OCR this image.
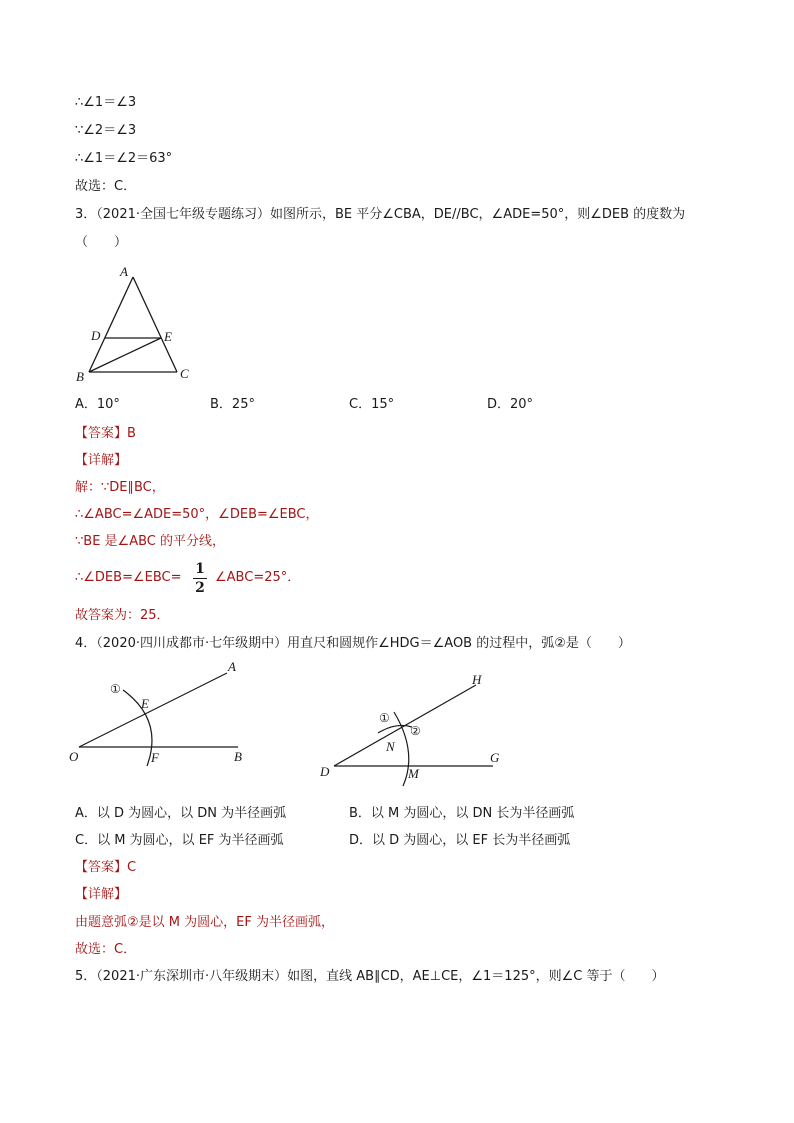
∴∠1＝∠3
∵∠2＝∠3
∴∠1＝∠2＝63°
故选：C．
3．（2021·全国七年级专题练习）如图所示，BE 平分∠CBA，DE//BC，∠ADE=50°，则∠DEB 的度数为
（　　）
A
D	E
B	C
A．10°	B．25°	C．15°	D．20°
【答案】B
【详解】
解：∵DE∥BC，
∴∠ABC=∠ADE=50°，∠DEB=∠EBC，
∵BE 是∠ABC 的平分线，
∴∠DEB=∠EBC=
1
2
∠ABC=25°．
故答案为：25．
4．（2020·四川成都市·七年级期中）用直尺和圆规作∠HDG＝∠AOB 的过程中，弧②是（　　）
A
E
O	F	B
①
H
N
D	M
G
①
②
A．以 D 为圆心，以 DN 为半径画弧	B．以 M 为圆心，以 DN 长为半径画弧
C．以 M 为圆心，以 EF 为半径画弧	D．以 D 为圆心，以 EF 长为半径画弧
【答案】C
【详解】
由题意弧②是以 M 为圆心，EF 为半径画弧，
故选：C．
5．（2021·广东深圳市·八年级期末）如图，直线 AB∥CD，AE⊥CE，∠1＝125°，则∠C 等于（　　）
